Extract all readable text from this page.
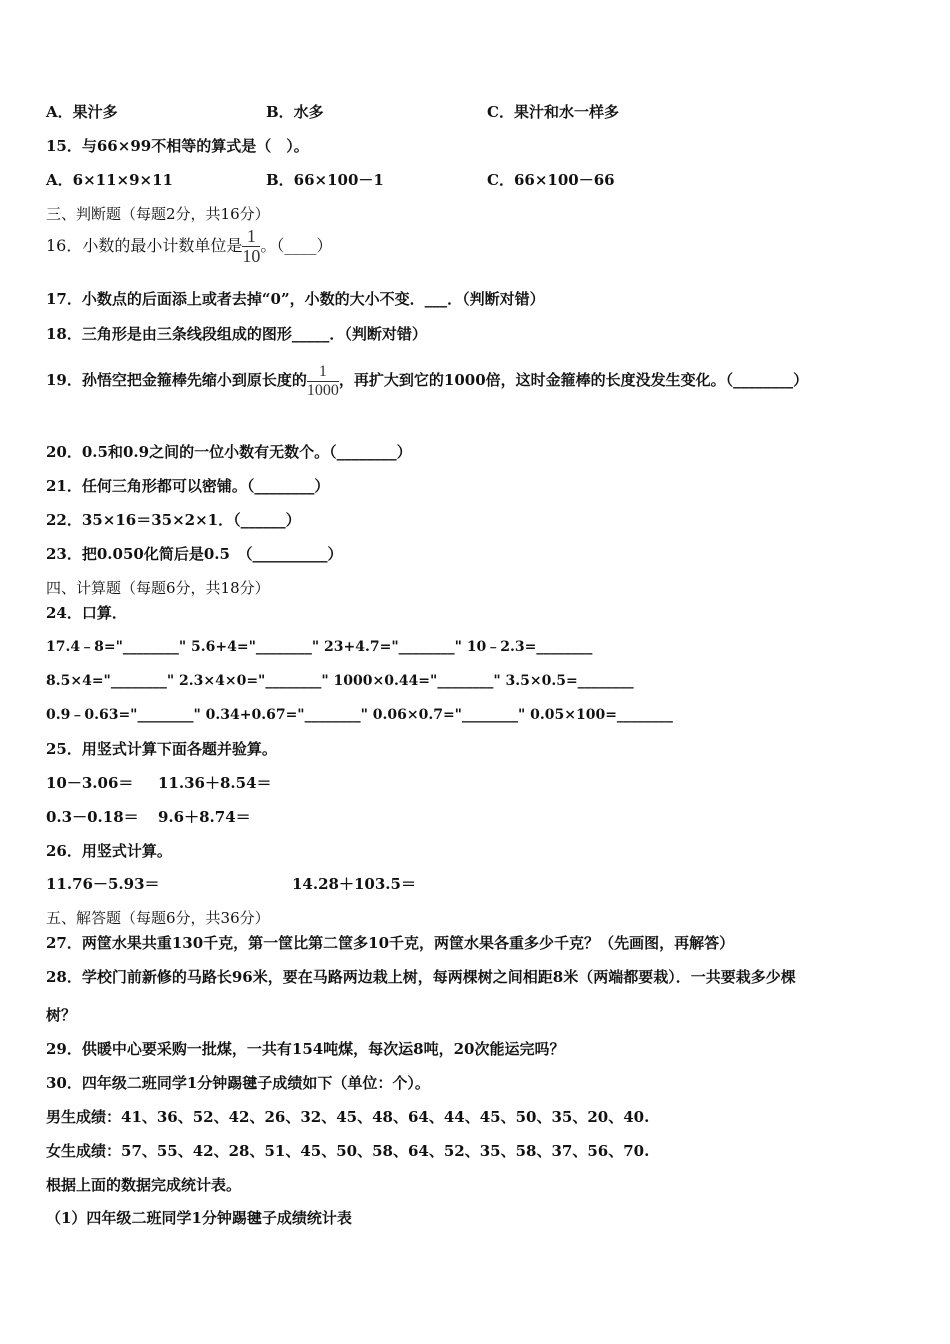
A．果汁多	B．水多	C．果汁和水一样多
15．与66×99不相等的算式是（　）。
A．6×11×9×11	B．66×100－1	C．66×100－66
三、判断题（每题2分，共16分）
16．小数的最小计数单位是 $\frac{1}{10}$ 。（____）
17．小数点的后面添上或者去掉“0”，小数的大小不变．___．（判断对错）
18．三角形是由三条线段组成的图形_____．（判断对错）
19．孙悟空把金箍棒先缩小到原长度的 $\frac{1}{1000}$ ，再扩大到它的1000倍，这时金箍棒的长度没发生变化。（________）
20．0.5和0.9之间的一位小数有无数个。（________）
21．任何三角形都可以密铺。（________）
22．35×16＝35×2×1．（______）
23．把0.050化简后是0.5　（__________）
四、计算题（每题6分，共18分）
24．口算．
17.4﹣8="________" 5.6+4="________" 23+4.7="________" 10﹣2.3=________
8.5×4="________" 2.3×4×0="________" 1000×0.44="________" 3.5×0.5=________
0.9﹣0.63="________" 0.34+0.67="________" 0.06×0.7="________" 0.05×100=________
25．用竖式计算下面各题并验算。
10－3.06＝ 11.36＋8.54＝
0.3－0.18＝ 9.6＋8.74＝
26．用竖式计算。
11.76－5.93＝	14.28＋103.5＝
五、解答题（每题6分，共36分）
27．两筐水果共重130千克，第一筐比第二筐多10千克，两筐水果各重多少千克？（先画图，再解答）
28．学校门前新修的马路长96米，要在马路两边栽上树，每两棵树之间相距8米（两端都要栽）．一共要栽多少棵
树？
29．供暖中心要采购一批煤，一共有154吨煤，每次运8吨，20次能运完吗？
30．四年级二班同学1分钟踢毽子成绩如下（单位：个）。
男生成绩：41、36、52、42、26、32、45、48、64、44、45、50、35、20、40.
女生成绩：57、55、42、28、51、45、50、58、64、52、35、58、37、56、70.
根据上面的数据完成统计表。
（1）四年级二班同学1分钟踢毽子成绩统计表
